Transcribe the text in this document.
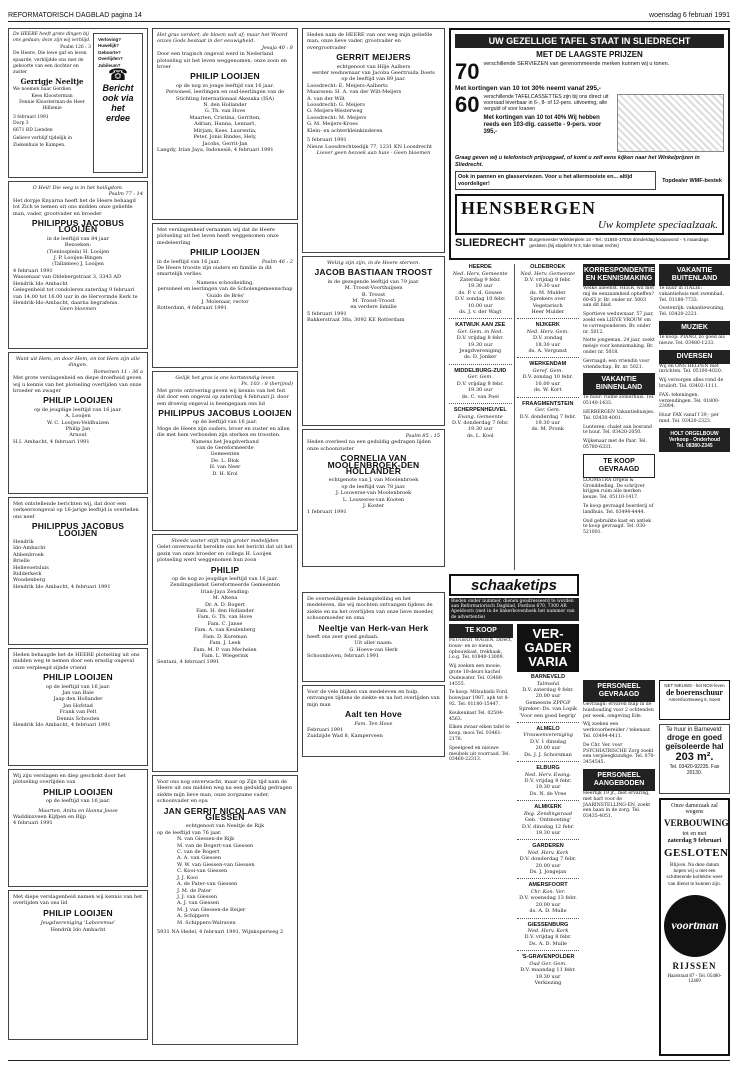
REFORMATORISCH DAGBLAD pagina 14	woensdag 6 februari 1991
De HEERE heeft grote dingen bij ons gedaan; deze zijn wij verblijd.
Psalm 126 : 3
De Heere, Die lewe gaf en leven spaarde, verblijdde ons met de geboorte van een dochter en zuster
Gerrigje Neeltje
We noemen haar Gerdien
Kees Kloosterman
Fennie Kloosterman-de Heer
Hillienie
3 februari 1991
Dorp 3
6671 BD Lienden
Gelieve verblijf tijdelijk in Ziekenhuis te Kampen.
Verloving?
Huwelijk?
Geboorte?
Overlijden?
Jubileum?
☎
Bericht ook via het erdee
O Heil! Die weg is in het heiligdom.
Psalm 77 : 14
Het dorpje Knyarna heeft het de Heere behaagd tot Zich te nemen uit ons midden onze geliefde man, vader, grootvader en broeder
PHILIPPUS JACOBUS LOOIJEN
in de leeftijd van 84 jaar
Bezoeken:
(Tienlosplein) H. Looijen
J. P. Looijen-Bingen
(Tallamee) J. Looijen
4 februari 1991
Wassenaar van Oldebergstraat 3, 3343 AD Hendrik Ido Ambacht
Gelegenheid tot condoleren zaterdag 9 februari van 14.00 tot 16.00 uur in de Hervormde Kerk te Hendrik-Ido-Ambacht, daarna begrafenis.
Geen bloemen
Want uit Hem, en door Hem, en tot Hem zijn alle dingen.
Romeinen 11 : 36 a
Met grote verslagenheid en diepe droefheid geven wij u kennis van het plotseling overlijden van onze broeder en zwager
PHILIP LOOIJEN
op de jeugdige leeftijd van 16 jaar.
A. Looijen
W. C. Looijen-Veldhuizen
Philip Jan
Arnout
H.I. Ambacht, 4 februari 1991
Met ontstellende berichten wij, dat door een verkeersongeval op 16-jarige leeftijd is overleden ons neef
PHILIPPUS JACOBUS LOOIJEN
Hendrik
Ido-Ambacht
Abbenbroek
Brielle
Hellevoetsluis
Ridderkerk
Woudenberg
Hendrik Ido Ambacht, 4 februari 1991
Heden behaagde het de HEERE plotseling uit ons midden weg te nemen door een ernstig ongeval onze verpleegd zijnde vriend
PHILIP LOOIJEN
op de leeftijd van 16 jaar.
Jan van Bale
Jaap den Hollander
Jan Hofstad
Frank van Pelt
Dennis Schouten
Hendrik Ido Ambacht, 4 februari 1991
Wij zijn verslagen en diep geschokt door het plotseling overlijden van
PHILIP LOOIJEN
op de leeftijd van 16 jaar.
Maarten, Anita en Hanna Joose
Waddinxveen Kijfpen en Rijp
4 februari 1991
Met diepe verslagenheid namen wij kennis van het overlijden van ons lid
PHILIP LOOIJEN
Jeugdvereniging 'Laboremus'
Hendrik Ido Ambacht
Het gras verdort, de bloem valt af; maar het Woord onzes Gods bestaat in der eeuwigheid.
Jesaja 40 : 8
Door een tragisch ongeval werd in Nederland plotseling uit het leven weggenomen, onze zoon en broer
PHILIP LOOIJEN
op de nog zo jonge leeftijd van 16 jaar.
Personeel, leerlingen en oud-leerlingen van de Stichting Internationaal Akezaka (ISA)
N. den Hollander
G. Th. van Hove
Maarten, Cristina, Gerriten,
Adrian, Hanna, Lennart,
Mirjam, Kees, Laurentia,
Peter, Jonis Rindes, Hely,
Jacobs, Gerrit-Jan
Langdy, Irian Jaya, Indonesië, 4 februari 1991
Met verslagenheid vernamen wij dat de Heere plotseling uit het leven heeft weggenomen onze medeleerling
PHILIP LOOIJEN
in de leeftijd van 16 jaar.	Psalm 46 : 2
De Heere trooste zijn ouders en familie in dit smartelijk verlies.
Namens schoolleiding,
personeel en leerlingen van de Scholengemeenschap
'Guido de Brès'
J. Molenaar, rector
Rotterdam, 4 februari 1991
Gelijk het gras is ons kortstondig leven
Ps. 103 : 8 (berijmd)
Met grote ontroering geven wij kennis van het feit dat door een ongeval op zaterdag 4 februari jl. door een droevig ongeval is heengegaan ons lid
PHILIPPUS JACOBUS LOOIJEN
op de leeftijd van 16 jaar.
Moge de Heere zijn ouders, broer en zuster en allen die met hem verbonden zijn sterken en troosten.
Namens het Jeugdverband
van de Gereformeerde
Gemeenten
De. L. Blok
H. van Neer
D. H. Krol
Steeds vaster stijlt mijn groter medelijden
Gelet onverwacht bereikte ons het bericht dat uit het gezin van onze broeder en collega H. Looijen plotseling werd weggenomen hun zoon
PHILIP
op de nog zo jeugdige leeftijd van 16 jaar.
Zendingsdienst Gereformeerde Gemeenten
Irian-Jaya Zending:
M. Altena
Dr. A. D. Bogert
Fam. H. den Hollander
Fam. G. Th. van Hove
Fam. C. Janse
Fam. A. van Keulenberg
Fam. D. Koreman
Fam. J. Leek
Fam. M. P. van Mechelen
Fam. L. Wiegerink
Sentani, 4 februari 1991
Voor ons nog onverwacht, maar op Zijn tijd nam de Heere uit ons midden weg na een geduldig gedragen ziekte mijn lieve man, onze zorgzame vader, schoonvader en opa
JAN GERRIT NICOLAAS VAN GIESSEN
echtgenoot van Neeltje de Rijk
op de leeftijd van 76 jaar.
N. van Giessen-de Rijk
M. van de Bogert-van Giessen
C. van de Bogert
A. A. van Giessen
W. W. van Giessen-van Giessen
C. Kooi-van Giessen
J. J. Kooi
A. de Pater-van Giessen
J. M. de Pater
J. J. van Giessen
A. J. van Giessen
M. J. van Giessen-de Reijer
A. Schippers
M. Schippers-Walraven
5931 NA Hedel, 4 februari 1991, Wijnkoperweg 2
Heden nam de HEERE van ons weg mijn geliefde man, onze lieve vader, grootvader en overgrootvader
GERRIT MEIJERS
echtgenoot van Hilje Aalbers
eerder weduwnaar van Jacoba Geertruida Doets
op de leeftijd van 89 jaar.
Loosdrecht: E. Meijers-Aalberts
Maarssen: H. A. van der Wilt-Meijers
A. van der Wilt
Loosdrecht: G. Meijers
G. Meijers-Westerweg
Loosdrecht: M. Meijers
G. M. Meijers-Kroes
Klein- en achterkleinkinderen
5 februari 1991
Nieuw Loosdrechtsedijk 77, 1231 KN Loosdrecht
Liever geen bezoek aan huis - Geen bloemen
Welzig zijn zijn, in de Heere sterven.
JACOB BASTIAAN TROOST
in de gezegende leeftijd van 79 jaar.
M. Troost-Voorthuijsen
B. Troost
M. Troost-Troost
en verdere familie
5 februari 1991
Bakkerstraat 38a, 3092 KE Rotterdam
Psalm 85 : 15
Heden overleed na een geduldig gedragen lijden onze schoonzuster
CORNELIA VAN MOOLENBROEK-DEN HOLLANDER
echtgenote van J. van Moolenbroek
op de leeftijd van 78 jaar.
J. Louwerse-van Moolenbroek
L. Louwerse-van Kooten
J. Koster
1 februari 1991
De overweldigende belangstelling en het medeleven, die wij mochten ontvangen tijdens de ziekte en na het overlijden van onze lieve moeder, schoonmoeder en oma
Neeltje van Herk-van Herk
heeft ons zeer goed gedaan.
Uit aller naam:
G. Hoeve-van Herk
Schoonhoven, februari 1991
Voor de vele blijken van medeleven en hulp, ontvangen tijdens de ziekte en na het overlijden van mijn man
Aalt ten Hove
Fam. Ten Hove
Februari 1991
Zuidzijde Wad 8, Kamperveen
UW GEZELLIGE TAFEL STAAT IN SLIEDRECHT
MET DE LAAGSTE PRIJZEN
70 verschillende SERVIEZEN van gerenommeerde merken kunnen wij u tonen.
Met kortingen van 10 tot 30% neemt vanaf 295,-
60 verschillende TAFELCASSETTES zijn bij ons direct uit voorraad leverbaar in 6-, 8- of 12-pers. uitvoering, alle verguld of voor kranen
Met kortingen van 10 tot 40% Wij hebben reeds een 103-dlg. cassette - 9-pers. voor 395,-
Graag geven wij u telefonisch prijsopgaaf, of komt u zelf eens kijken naar het Winkelprijzen in Sliedrecht.
Ook in pannen en glasserviezen. Voor u het allermooiste en... altijd voordeliger!	Topdealer WMF-bestek
HENSBERGEN
Uw komplete speciaalzaak.
SLIEDRECHT Burgemeester Winklerplein 14 - Tel.: 01840-17016 donderdag koopavond - 's maandags gesloten (bij stoplicht N 3, 5de straat rechts)
HEERDE
Ned. Herv. Gemeente
Zaterdag 9 febr.
19.30 uur
ds. P. v. d. Gouwe
D.V. zondag 10 febr.
10.00 uur
ds. J. v. der Wagt
KATWIJK AAN ZEE
Ger. Gem. in Ned.
D.V. vrijdag 8 febr.
19.30 uur
Jeugdvereniging
ds. D. Jonker
MIDDELBURG-ZUID
Ger. Gem.
D.V. vrijdag 8 febr.
19.30 uur
ds. C. van Poel
SCHERPENHEUVEL
Evang. Gemeente
D.V. donderdag 7 febr.
19.30 uur
ds. L. Kool
OLDEBROEK
Ned. Herv. Gemeente
D.V. vrijdag 8 febr.
19.30 uur
ds. M. Mulder
Sprekers over
Vegetarisch
Heer Mulder
NIJKERK
Ned. Herv. Gem.
D.V. zondag
18.30 uur
ds. A. Vergunst
WERKENDAM
Geref. Gem.
D.V. zondag 10 febr.
10.00 uur
ds. W. Kort
FRAAGMENTSTEIN
Ger. Gem.
D.V. donderdag 7 febr.
19.30 uur
ds. M. Pronk
schaaketips
Bieden onder nummer, dienen geadresseerd te worden aan Reformatorisch Dagblad, Postbus 670, 7300 AR Apeldoorn (met in de linkerbovenhoek het nummer van de advertentie)
TE KOOP
PEUGEOT WAGEN. Direct, bouw- en zo nieuw, opbouwkast, trekhaak, l.o.g. Tel. 01840-13009.
Wij zoeken een mooie, grote 18-deurs kachel Oudewater. Tel. 03480-14555.
Te koop: Mitsubishi Ford, bouwjaar 1987, apk tot 8-92. Tel. 01180-15447.
Keukenkast Tel. 02504-4563.
Eiken zwaar eiken tafel te koop, mooi Tel. 03461-2178.
Speelgoed en nieuwe meubels uit voorraad. Tel. 03460-22313.
VER-GADER VARIA
BARNEVELD
Talmsdal
D.V. zaterdag 9 febr.
20.00 uur
Gemeente ZPPGP
Spreker: Ds. van Lopik
'Voor een goed begrip'
ALMELO
Vrouwenvereniging
D.V. 1 dinsdag
20.00 uur
Ds. J. J. Schorsman
ELBURG
Ned. Herv. Evang.
D.V. vrijdag 8 febr.
19.30 uur
Ds. N. de Vree
ALMKERK
Reg. Zendingsraad
Geb. 'Ontmoeting'
D.V. dinsdag 12 febr.
19.30 uur
GARDEREN
Ned. Herv. Kerk
D.V. donderdag 7 febr.
20.00 uur
Ds. J. Jongejan
AMERSFOORT
Chr. Kon. Ver.
D.V. woensdag 13 febr.
20.00 uur
ds. A. D. Mulle
GIESSENBURG
Ned. Herv. Kerk
D.V. vrijdag 8 febr.
Ds. A. D. Mulle
'S-GRAVENPOLDER
Oud Ger. Gem.
D.V. maandag 11 febr.
19.30 uur
Verkiezing
KORRESPONDENTIE EN KENNISMAKING
Welke alleenst. HEER, wil met mij de eenzaamheid opheffen? 60-65 jr. Br. onder nr. 5003 aan dit blad.
Sportieve weduwnaar, 57 jaar, zoekt een LIEVE VROUW om te corresponderen. Br. onder nr. 5012.
Nette jongeman, 24 jaar, zoekt meisje voor kennismaking. Br. onder nr. 5018.
Gevraagd: een vriendin voor vriendschap. Br. nr. 5021.
VAKANTIE BINNENLAND
Te huur: ruime zomerhuis. Tel. 05140-1433.
HERBERGEN Vakantiehuisjes. Tel. 03430-4001.
Lunteren: chalet aan bosrand te huur. Tel. 03420-2050.
Wijkenaar met de Paar. Tel. 05780-6331.
TE KOOP GEVRAAGD
LOOMSTRA Orgels & Gronddeding. De schrijver krijgen ruim alle merken keuze. Tel. 05110-1417.
Te koop gevraagd boerderij of landhuis. Tel. 03494-4444.
Oud gebruikte kast en antiek te koop gevraagd. Tel. 030-521001.
VAKANTIE BUITENLAND
Te huur in ITALIË: vakantiehuis met zwembad. Tel. 01180-7733.
Oostenrijk: vakantiewoning. Tel. 03420-2221.
MUZIEK
Te koop: PIANO, zo goed als nieuw. Tel. 03480-1233.
DIVERSEN
Wij en ONS HELPEN met inrichten. Tel. 05100-4020.
Wij verzorgen alles rond de bruiloft. Tel. 03402-1111.
FAX: tekeningen, verzendingen. Tel. 01800-23004.
Huur FAX vanaf f 39,- per mnd. Tel. 03420-2323.
HOLT ORGELBOUW
Verkoop - Onderhoud
Tel. 08380-2345
PERSONEEL GEVRAAGD
Gevraagd: ervaren hulp in de huishouding voor 2 ochtenden per week, omgeving Ede.
Wij zoeken een werkvoorbereider / tekenaar. Tel. 03494-4411.
De Chr. Ver. voor PSYCHIATRISCHE Zorg zoekt een verpleegkundige. Tel. 070-3454545.
PERSONEEL AANGEBODEN
Heerlijk 19 jr., met ervaring, met hart voor de JAARINSTELLING-EN, zoekt een baan in de zorg. Tel. 03435-4051.
NET NIEUWS - het NOS-leven
de boerenschuur
Amersfoortseweg 5, Soest
Te huur in Barneveld:
droge en goed
geïsoleerde hal
203 m².
Tel. 03420-92235. Fax 20130.
Onze damezaak zal wegens
VERBOUWING
tot en met
zaterdag 9 februari
GESLOTEN
Blijven. Na deze datum hopen wij u met een schitterende kollektie weer van dienst te kunnen zijn.
voortman
RIJSSEN
Haarstraat 87 - Tel. 05480-12469
